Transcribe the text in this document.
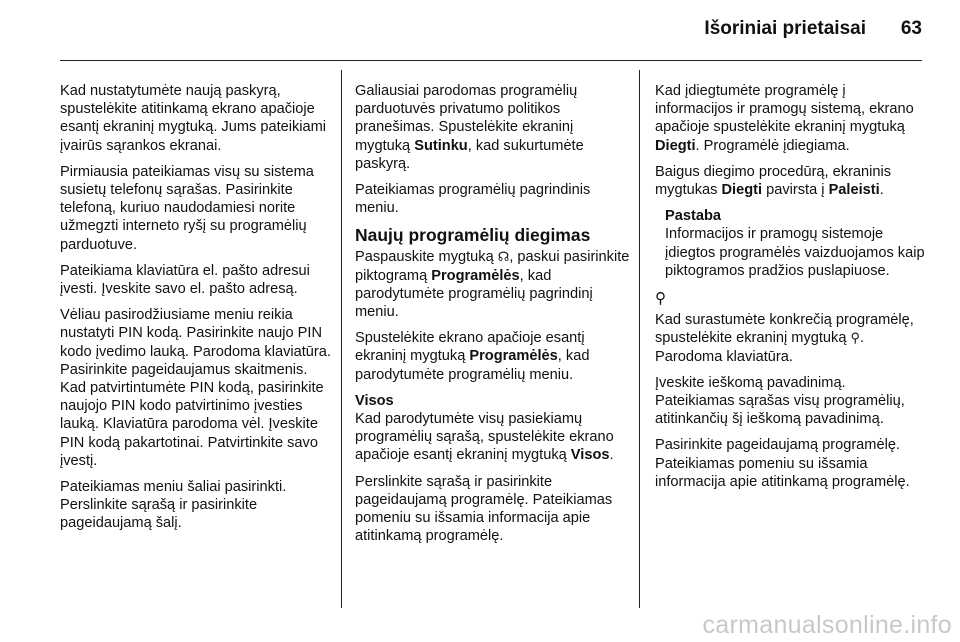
Išoriniai prietaisai 63

Kad nustatytumėte naują paskyrą, spustelėkite atitinkamą ekrano apačioje esantį ekraninį mygtuką. Jums pateikiami įvairūs sąrankos ekranai.

Pirmiausia pateikiamas visų su sistema susietų telefonų sąrašas. Pasirinkite telefoną, kuriuo naudodamiesi norite užmegzti interneto ryšį su programėlių parduotuve.

Pateikiama klaviatūra el. pašto adresui įvesti. Įveskite savo el. pašto adresą.

Vėliau pasirodžiusiame meniu reikia nustatyti PIN kodą. Pasirinkite naujo PIN kodo įvedimo lauką. Parodoma klaviatūra. Pasirinkite pageidaujamus skaitmenis. Kad patvirtintumėte PIN kodą, pasirinkite naujojo PIN kodo patvirtinimo įvesties lauką. Klaviatūra parodoma vėl. Įveskite PIN kodą pakartotinai. Patvirtinkite savo įvestį.

Pateikiamas meniu šaliai pasirinkti. Perslinkite sąrašą ir pasirinkite pageidaujamą šalį.

Galiausiai parodomas programėlių parduotuvės privatumo politikos pranešimas. Spustelėkite ekraninį mygtuką Sutinku, kad sukurtumėte paskyrą.

Pateikiamas programėlių pagrindinis meniu.

Naujų programėlių diegimas

Paspauskite mygtuką ☊, paskui pasirinkite piktogramą Programėlės, kad parodytumėte programėlių pagrindinį meniu.

Spustelėkite ekrano apačioje esantį ekraninį mygtuką Programėlės, kad parodytumėte programėlių meniu.

Visos

Kad parodytumėte visų pasiekiamų programėlių sąrašą, spustelėkite ekrano apačioje esantį ekraninį mygtuką Visos.

Perslinkite sąrašą ir pasirinkite pageidaujamą programėlę. Pateikiamas pomeniu su išsamia informacija apie atitinkamą programėlę.

Kad įdiegtumėte programėlę į informacijos ir pramogų sistemą, ekrano apačioje spustelėkite ekraninį mygtuką Diegti. Programėlė įdiegiama.

Baigus diegimo procedūrą, ekraninis mygtukas Diegti pavirsta į Paleisti.

Pastaba
Informacijos ir pramogų sistemoje įdiegtos programėlės vaizduojamos kaip piktogramos pradžios puslapiuose.
⚲

Kad surastumėte konkrečią programėlę, spustelėkite ekraninį mygtuką ⚲. Parodoma klaviatūra.

Įveskite ieškomą pavadinimą. Pateikiamas sąrašas visų programėlių, atitinkančių šį ieškomą pavadinimą.

Pasirinkite pageidaujamą programėlę. Pateikiamas pomeniu su išsamia informacija apie atitinkamą programėlę.

carmanualsonline.info
